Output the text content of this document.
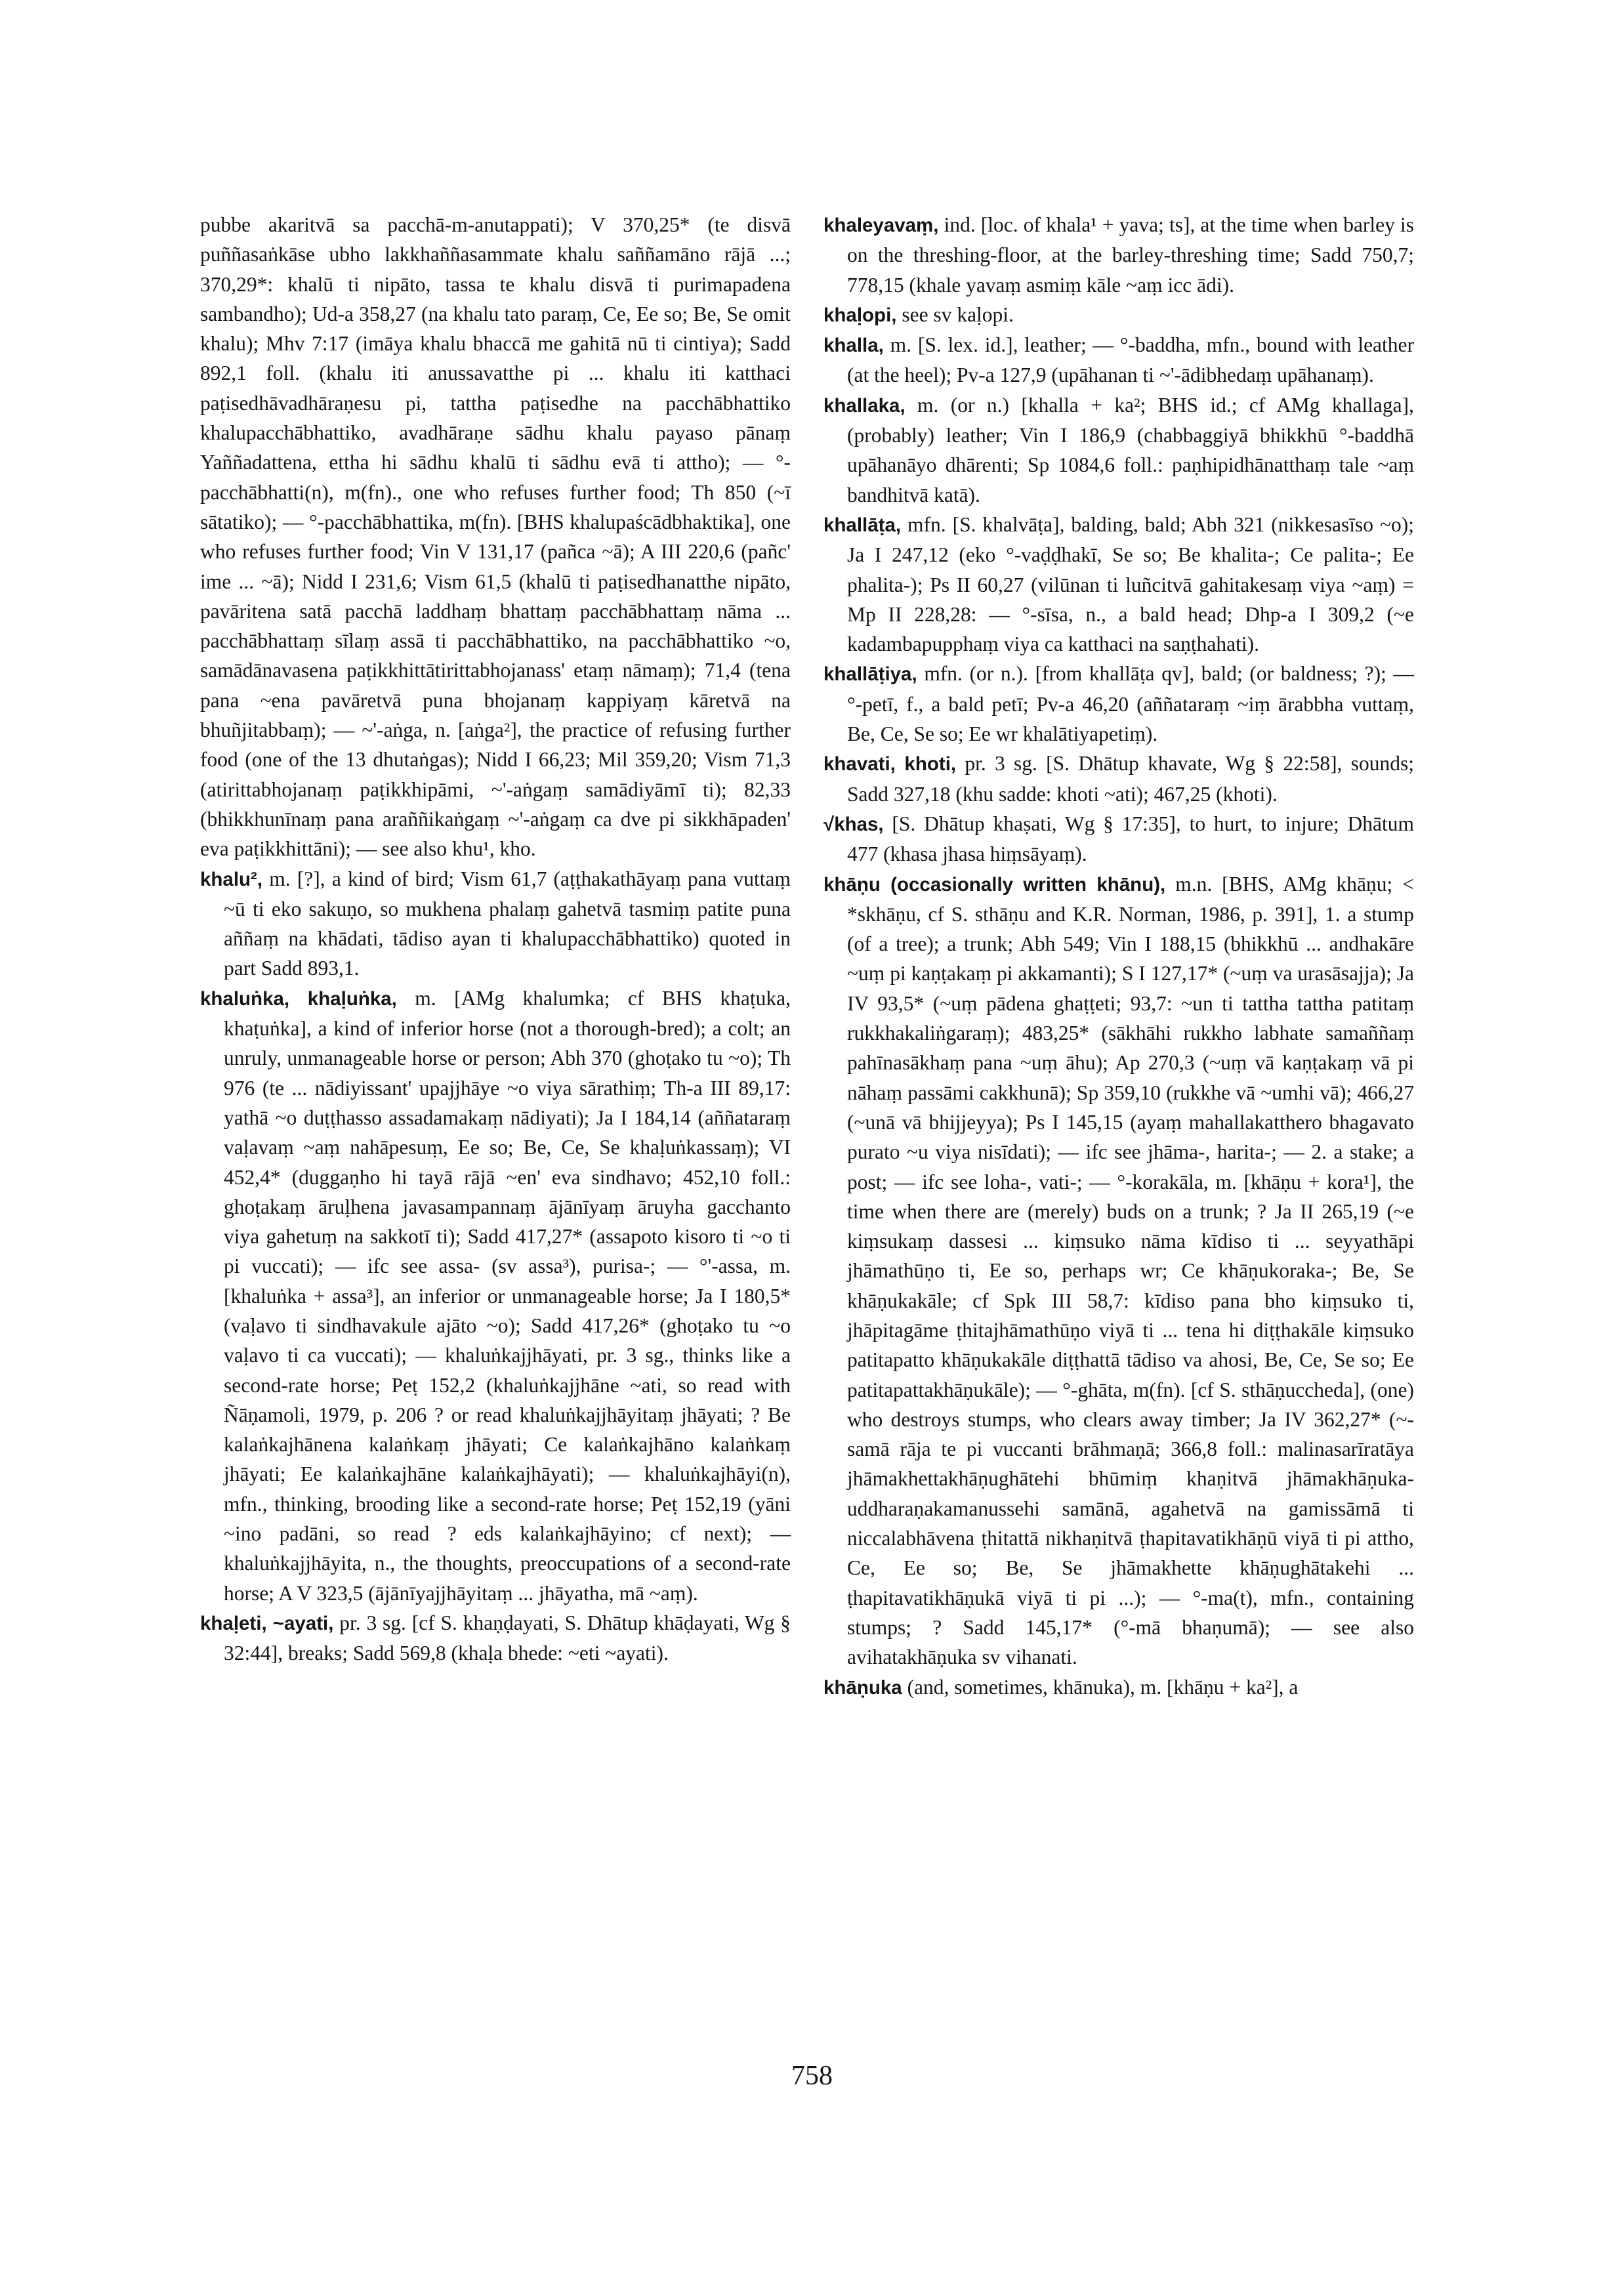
pubbe akaritvā sa pacchā-m-anutappati); V 370,25* (te disvā puññasaṅkāse ubho lakkhaññasammate khalu saññamāno rājā ...; 370,29*: khalū ti nipāto, tassa te khalu disvā ti purimapadena sambandho); Ud-a 358,27 (na khalu tato paraṃ, Ce, Ee so; Be, Se omit khalu); Mhv 7:17 (imāya khalu bhaccā me gahitā nū ti cintiya); Sadd 892,1 foll. (khalu iti anussavatthe pi ... khalu iti katthaci paṭisedhāvadhāraṇesu pi, tattha paṭisedhe na pacchābhattiko khalupacchābhattiko, avadhāraṇe sādhu khalu payaso pānaṃ Yaññadattena, ettha hi sādhu khalū ti sādhu evā ti attho); — °-pacchābhatti(n), m(fn)., one who refuses further food; Th 850 (~ī sātatiko); — °-pacchābhattika, m(fn). [BHS khalupaścādbhaktika], one who refuses further food; Vin V 131,17 (pañca ~ā); A III 220,6 (pañc' ime ... ~ā); Nidd I 231,6; Vism 61,5 (khalū ti paṭisedhanatthe nipāto, pavāritena satā pacchā laddhaṃ bhattaṃ pacchābhattaṃ nāma ... pacchābhattaṃ sīlaṃ assā ti pacchābhattiko, na pacchābhattiko ~o, samādānavasena paṭikkhittātirittabhojanass' etaṃ nāmaṃ); 71,4 (tena pana ~ena pavāretvā puna bhojanaṃ kappiyaṃ kāretvā na bhuñjitabbaṃ); — ~'-aṅga, n. [aṅga²], the practice of refusing further food (one of the 13 dhutaṅgas); Nidd I 66,23; Mil 359,20; Vism 71,3 (atirittabhojanaṃ paṭikkhipāmi, ~'-aṅgaṃ samādiyāmī ti); 82,33 (bhikkhunīnaṃ pana araññikaṅgaṃ ~'-aṅgaṃ ca dve pi sikkhāpaden' eva paṭikkhittāni); — see also khu¹, kho.

khalu², m. [?], a kind of bird; Vism 61,7 (aṭṭhakathāyaṃ pana vuttaṃ ~ū ti eko sakuṇo, so mukhena phalaṃ gahetvā tasmiṃ patite puna aññaṃ na khādati, tādiso ayan ti khalupacchābhattiko) quoted in part Sadd 893,1.

khaluṅka, khaḷuṅka, m. [AMg khalumka; cf BHS khaṭuka, khaṭuṅka], a kind of inferior horse (not a thorough-bred); a colt; an unruly, unmanageable horse or person; Abh 370 (ghoṭako tu ~o); Th 976 (te ... nādiyissant' upajjhāye ~o viya sārathiṃ; Th-a III 89,17: yathā ~o duṭṭhasso assadamakaṃ nādiyati); Ja I 184,14 (aññataraṃ vaḷavaṃ ~aṃ nahāpesuṃ, Ee so; Be, Ce, Se khaḷuṅkassaṃ); VI 452,4* (duggaṇho hi tayā rājā ~en' eva sindhavo; 452,10 foll.: ghoṭakaṃ āruḷhena javasampannaṃ ājānīyaṃ āruyha gacchanto viya gahetuṃ na sakkotī ti); Sadd 417,27* (assapoto kisoro ti ~o ti pi vuccati); — ifc see assa- (sv assa³), purisa-; — °'-assa, m. [khaluṅka + assa³], an inferior or unmanageable horse; Ja I 180,5* (vaḷavo ti sindhavakule ajāto ~o); Sadd 417,26* (ghoṭako tu ~o vaḷavo ti ca vuccati); — khaluṅkajjhāyati, pr. 3 sg., thinks like a second-rate horse; Peṭ 152,2 (khaluṅkajjhāne ~ati, so read with Ñāṇamoli, 1979, p. 206 ? or read khaluṅkajjhāyitaṃ jhāyati; ? Be kalaṅkajhānena kalaṅkaṃ jhāyati; Ce kalaṅkajhāno kalaṅkaṃ jhāyati; Ee kalaṅkajhāne kalaṅkajhāyati); — khaluṅkajhāyi(n), mfn., thinking, brooding like a second-rate horse; Peṭ 152,19 (yāni ~ino padāni, so read ? eds kalaṅkajhāyino; cf next); — khaluṅkajjhāyita, n., the thoughts, preoccupations of a second-rate horse; A V 323,5 (ājānīyajjhāyitaṃ ... jhāyatha, mā ~aṃ).

khaḷeti, ~ayati, pr. 3 sg. [cf S. khaṇḍayati, S. Dhātup khāḍayati, Wg § 32:44], breaks; Sadd 569,8 (khaḷa bhede: ~eti ~ayati).

khaleyavaṃ, ind. [loc. of khala¹ + yava; ts], at the time when barley is on the threshing-floor, at the barley-threshing time; Sadd 750,7; 778,15 (khale yavaṃ asmiṃ kāle ~aṃ icc ādi).

khaḷopi, see sv kaḷopi.

khalla, m. [S. lex. id.], leather; — °-baddha, mfn., bound with leather (at the heel); Pv-a 127,9 (upāhanan ti ~'-ādibhedaṃ upāhanaṃ).

khallaka, m. (or n.) [khalla + ka²; BHS id.; cf AMg khallaga], (probably) leather; Vin I 186,9 (chabbaggiyā bhikkhū °-baddhā upāhanāyo dhārenti; Sp 1084,6 foll.: paṇhipidhānatthaṃ tale ~aṃ bandhitvā katā).

khallāṭa, mfn. [S. khalvāṭa], balding, bald; Abh 321 (nikkesasīso ~o); Ja I 247,12 (eko °-vaḍḍhakī, Se so; Be khalita-; Ce palita-; Ee phalita-); Ps II 60,27 (vilūnan ti luñcitvā gahitakesaṃ viya ~aṃ) = Mp II 228,28: — °-sīsa, n., a bald head; Dhp-a I 309,2 (~e kadambapupphaṃ viya ca katthaci na saṇṭhahati).

khallāṭiya, mfn. (or n.). [from khallāṭa qv], bald; (or baldness; ?); — °-petī, f., a bald petī; Pv-a 46,20 (aññataraṃ ~iṃ ārabbha vuttaṃ, Be, Ce, Se so; Ee wr khalātiyapetiṃ).

khavati, khoti, pr. 3 sg. [S. Dhātup khavate, Wg § 22:58], sounds; Sadd 327,18 (khu sadde: khoti ~ati); 467,25 (khoti).

√khas, [S. Dhātup khaṣati, Wg § 17:35], to hurt, to injure; Dhātum 477 (khasa jhasa hiṃsāyaṃ).

khāṇu (occasionally written khānu), m.n. [BHS, AMg khāṇu; < *skhāṇu, cf S. sthāṇu and K.R. Norman, 1986, p. 391], 1. a stump (of a tree); a trunk; Abh 549; Vin I 188,15 (bhikkhū ... andhakāre ~uṃ pi kaṇṭakaṃ pi akkamanti); S I 127,17* (~uṃ va urasāsajja); Ja IV 93,5* (~uṃ pādena ghaṭṭeti; 93,7: ~un ti tattha tattha patitaṃ rukkhakaliṅgaraṃ); 483,25* (sākhāhi rukkho labhate samaññaṃ pahīnasākhaṃ pana ~uṃ āhu); Ap 270,3 (~uṃ vā kaṇṭakaṃ vā pi nāhaṃ passāmi cakkhunā); Sp 359,10 (rukkhe vā ~umhi vā); 466,27 (~unā vā bhijjeyya); Ps I 145,15 (ayaṃ mahallakatthero bhagavato purato ~u viya nisīdati); — ifc see jhāma-, harita-; — 2. a stake; a post; — ifc see loha-, vati-; — °-korakāla, m. [khāṇu + kora¹], the time when there are (merely) buds on a trunk; ? Ja II 265,19 (~e kiṃsukaṃ dassesi ... kiṃsuko nāma kīdiso ti ... seyyathāpi jhāmathūṇo ti, Ee so, perhaps wr; Ce khāṇukoraka-; Be, Se khāṇukakāle; cf Spk III 58,7: kīdiso pana bho kiṃsuko ti, jhāpitagāme ṭhitajhāmathūṇo viyā ti ... tena hi diṭṭhakāle kiṃsuko patitapatto khāṇukakāle diṭṭhattā tādiso va ahosi, Be, Ce, Se so; Ee patitapattakhāṇukāle); — °-ghāta, m(fn). [cf S. sthāṇuccheda], (one) who destroys stumps, who clears away timber; Ja IV 362,27* (~-samā rāja te pi vuccanti brāhmaṇā; 366,8 foll.: malinasarīratāya jhāmakhettakhāṇughātehi bhūmiṃ khaṇitvā jhāmakhāṇuka-uddharaṇakamanussehi samānā, agahetvā na gamissāmā ti niccalabhāvena ṭhitattā nikhaṇitvā ṭhapitavatikhāṇū viyā ti pi attho, Ce, Ee so; Be, Se jhāmakhette khāṇughātakehi ... ṭhapitavatikhāṇukā viyā ti pi ...); — °-ma(t), mfn., containing stumps; ? Sadd 145,17* (°-mā bhaṇumā); — see also avihatakhāṇuka sv vihanati.

khāṇuka (and, sometimes, khānuka), m. [khāṇu + ka²], a

758
